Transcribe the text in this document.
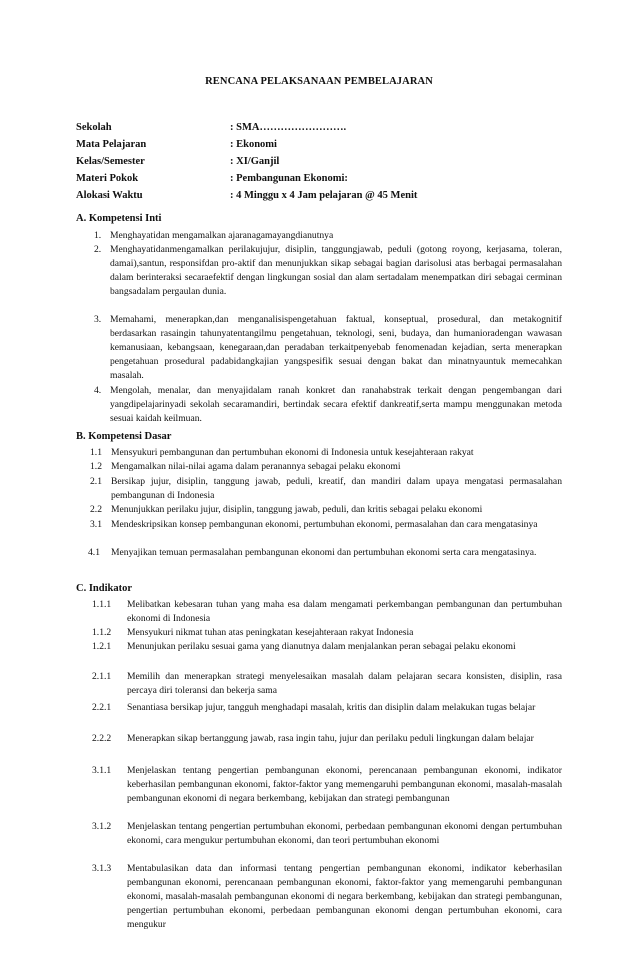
RENCANA PELAKSANAAN PEMBELAJARAN
Sekolah	: SMA…………………….
Mata Pelajaran	: Ekonomi
Kelas/Semester	: XI/Ganjil
Materi Pokok	: Pembangunan Ekonomi:
Alokasi Waktu	: 4 Minggu x 4 Jam pelajaran @ 45 Menit
A. Kompetensi Inti
1. Menghayatidan mengamalkan ajaranagamayangdianutnya
2. Menghayatidanmengamalkan perilakujujur, disiplin, tanggungjawab, peduli (gotong royong, kerjasama, toleran, damai),santun, responsifdan pro-aktif dan menunjukkan sikap sebagai bagian darisolusi atas berbagai permasalahan dalam berinteraksi secaraefektif dengan lingkungan sosial dan alam sertadalam menempatkan diri sebagai cerminan bangsadalam pergaulan dunia.
3. Memahami, menerapkan,dan menganalisispengetahuan faktual, konseptual, prosedural, dan metakognitif berdasarkan rasaingin tahunyatentangilmu pengetahuan, teknologi, seni, budaya, dan humanioradengan wawasan kemanusiaan, kebangsaan, kenegaraan,dan peradaban terkaitpenyebab fenomenadan kejadian, serta menerapkan pengetahuan prosedural padabidangkajian yangspesifik sesuai dengan bakat dan minatnyauntuk memecahkan masalah.
4. Mengolah, menalar, dan menyajidalam ranah konkret dan ranahabstrak terkait dengan pengembangan dari yangdipelajarinyadi sekolah secaramandiri, bertindak secara efektif dankreatif,serta mampu menggunakan metoda sesuai kaidah keilmuan.
B. Kompetensi Dasar
1.1 Mensyukuri pembangunan dan pertumbuhan ekonomi di Indonesia untuk kesejahteraan rakyat
1.2 Mengamalkan nilai-nilai agama dalam peranannya sebagai pelaku ekonomi
2.1 Bersikap jujur, disiplin, tanggung jawab, peduli, kreatif, dan mandiri dalam upaya mengatasi permasalahan pembangunan di Indonesia
2.2 Menunjukkan perilaku jujur, disiplin, tanggung jawab, peduli, dan kritis sebagai pelaku ekonomi
3.1 Mendeskripsikan konsep pembangunan ekonomi, pertumbuhan ekonomi, permasalahan dan cara mengatasinya
4.1 Menyajikan temuan permasalahan pembangunan ekonomi dan pertumbuhan ekonomi serta cara mengatasinya.
C. Indikator
1.1.1 Melibatkan kebesaran tuhan yang maha esa dalam mengamati perkembangan pembangunan dan pertumbuhan ekonomi di Indonesia
1.1.2 Mensyukuri nikmat tuhan atas peningkatan kesejahteraan rakyat Indonesia
1.2.1 Menunjukan perilaku sesuai gama yang dianutnya dalam menjalankan peran sebagai pelaku ekonomi
2.1.1 Memilih dan menerapkan strategi menyelesaikan masalah dalam pelajaran secara konsisten, disiplin, rasa percaya diri toleransi dan bekerja sama
2.2.1 Senantiasa bersikap jujur, tangguh menghadapi masalah, kritis dan disiplin dalam melakukan tugas belajar
2.2.2 Menerapkan sikap bertanggung jawab, rasa ingin tahu, jujur dan perilaku peduli lingkungan dalam belajar
3.1.1 Menjelaskan tentang pengertian pembangunan ekonomi, perencanaan pembangunan ekonomi, indikator keberhasilan pembangunan ekonomi, faktor-faktor yang memengaruhi pembangunan ekonomi, masalah-masalah pembangunan ekonomi di negara berkembang, kebijakan dan strategi pembangunan
3.1.2 Menjelaskan tentang pengertian pertumbuhan ekonomi, perbedaan pembangunan ekonomi dengan pertumbuhan ekonomi, cara mengukur pertumbuhan ekonomi, dan teori pertumbuhan ekonomi
3.1.3 Mentabulasikan data dan informasi tentang pengertian pembangunan ekonomi, indikator keberhasilan pembangunan ekonomi, perencanaan pembangunan ekonomi, faktor-faktor yang memengaruhi pembangunan ekonomi, masalah-masalah pembangunan ekonomi di negara berkembang, kebijakan dan strategi pembangunan, pengertian pertumbuhan ekonomi, perbedaan pembangunan ekonomi dengan pertumbuhan ekonomi, cara mengukur
